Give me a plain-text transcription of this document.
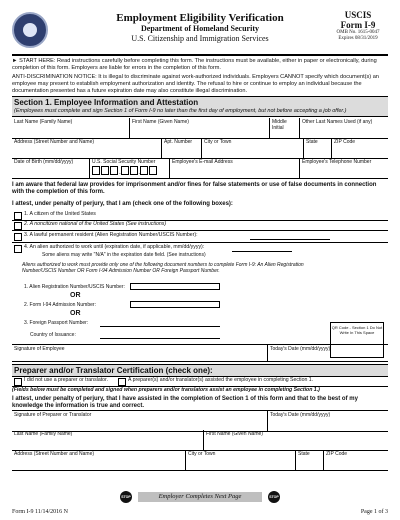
Employment Eligibility Verification
Department of Homeland Security
U.S. Citizenship and Immigration Services
USCIS
Form I-9
OMB No. 1615-0047
Expires 08/31/2019
► START HERE: Read instructions carefully before completing this form. The instructions must be available, either in paper or electronically, during completion of this form. Employers are liable for errors in the completion of this form.
ANTI-DISCRIMINATION NOTICE: It is illegal to discriminate against work-authorized individuals. Employers CANNOT specify which document(s) an employee may present to establish employment authorization and identity. The refusal to hire or continue to employ an individual because the documentation presented has a future expiration date may also constitute illegal discrimination.
Section 1. Employee Information and Attestation
(Employees must complete and sign Section 1 of Form I-9 no later than the first day of employment, but not before accepting a job offer.)
Last Name (Family Name)	First Name (Given Name)	Middle Initial
Other Last Names Used (if any)
Address (Street Number and Name)	Apt. Number	City or Town	State	ZIP Code
Date of Birth (mm/dd/yyyy)	U.S. Social Security Number
-	-
Employee's E-mail Address	Employee's Telephone Number
I am aware that federal law provides for imprisonment and/or fines for false statements or use of false documents in connection with the completion of this form.
I attest, under penalty of perjury, that I am (check one of the following boxes):
1. A citizen of the United States
2. A noncitizen national of the United States (See instructions)
3. A lawful permanent resident (Alien Registration Number/USCIS Number):
4. An alien authorized to work until (expiration date, if applicable, mm/dd/yyyy):
Some aliens may write "N/A" in the expiration date field. (See instructions)
Aliens authorized to work must provide only one of the following document numbers to complete Form I-9: An Alien Registration Number/USCIS Number OR Form I-94 Admission Number OR Foreign Passport Number.
1. Alien Registration Number/USCIS Number:
OR
2. Form I-94 Admission Number:
OR
3. Foreign Passport Number:
Country of Issuance:
QR Code - Section 1 Do Not Write In This Space
Signature of Employee	Today's Date (mm/dd/yyyy)
Preparer and/or Translator Certification (check one):
I did not use a preparer or translator.	A preparer(s) and/or translator(s) assisted the employee in completing Section 1.
(Fields below must be completed and signed when preparers and/or translators assist an employee in completing Section 1.)
I attest, under penalty of perjury, that I have assisted in the completion of Section 1 of this form and that to the best of my knowledge the information is true and correct.
Signature of Preparer or Translator	Today's Date (mm/dd/yyyy)
Last Name (Family Name)	First Name (Given Name)
Address (Street Number and Name)	City or Town	State	ZIP Code
STOP	Employer Completes Next Page	STOP
Form I-9 11/14/2016 N	Page 1 of 3
